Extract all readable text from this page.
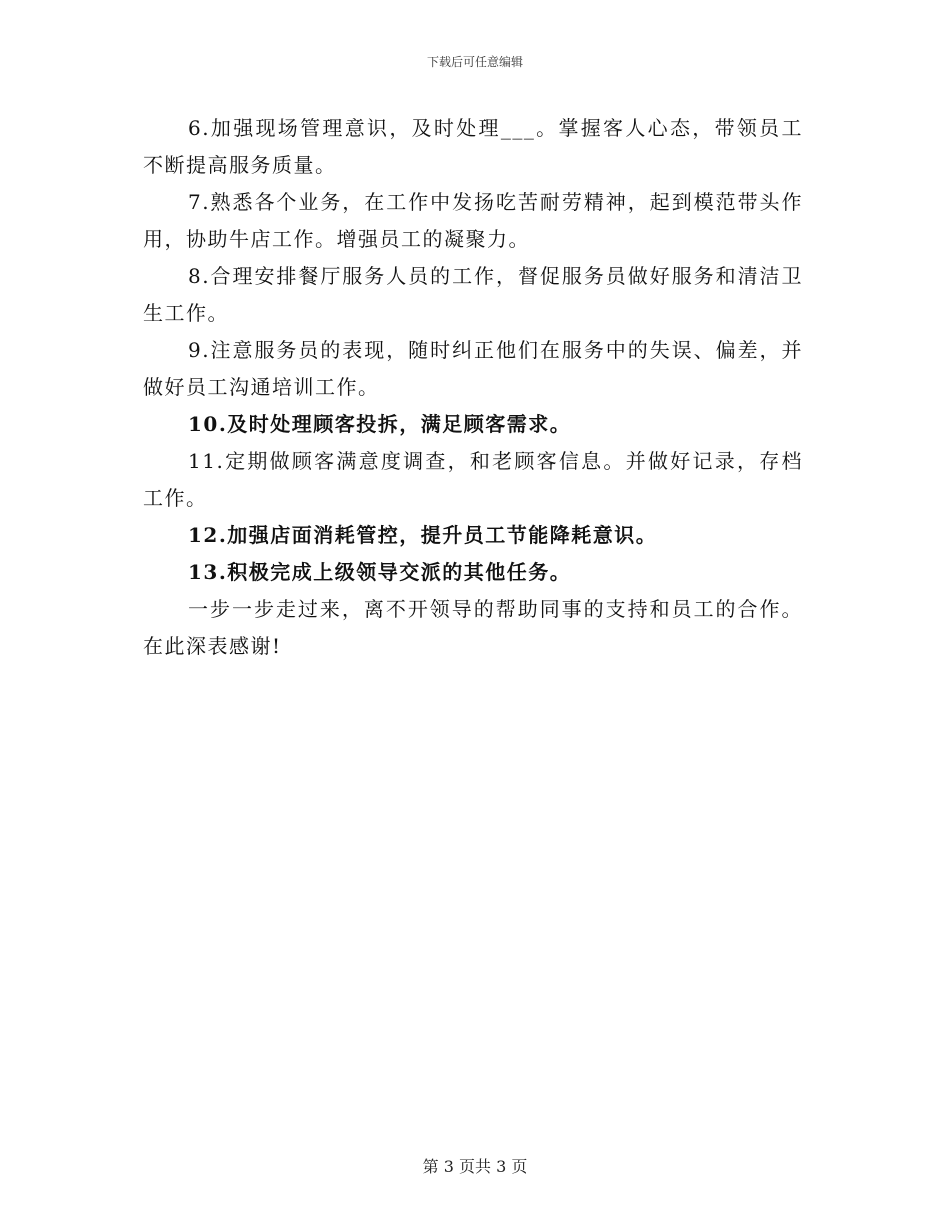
下载后可任意编辑

6.加强现场管理意识，及时处理___。掌握客人心态，带领员工不断提高服务质量。

7.熟悉各个业务，在工作中发扬吃苦耐劳精神，起到模范带头作用，协助牛店工作。增强员工的凝聚力。

8.合理安排餐厅服务人员的工作，督促服务员做好服务和清洁卫生工作。

9.注意服务员的表现，随时纠正他们在服务中的失误、偏差，并做好员工沟通培训工作。

10.及时处理顾客投拆，满足顾客需求。

11.定期做顾客满意度调查，和老顾客信息。并做好记录，存档工作。

12.加强店面消耗管控，提升员工节能降耗意识。

13.积极完成上级领导交派的其他任务。

一步一步走过来，离不开领导的帮助同事的支持和员工的合作。在此深表感谢!

第 3 页共 3 页
